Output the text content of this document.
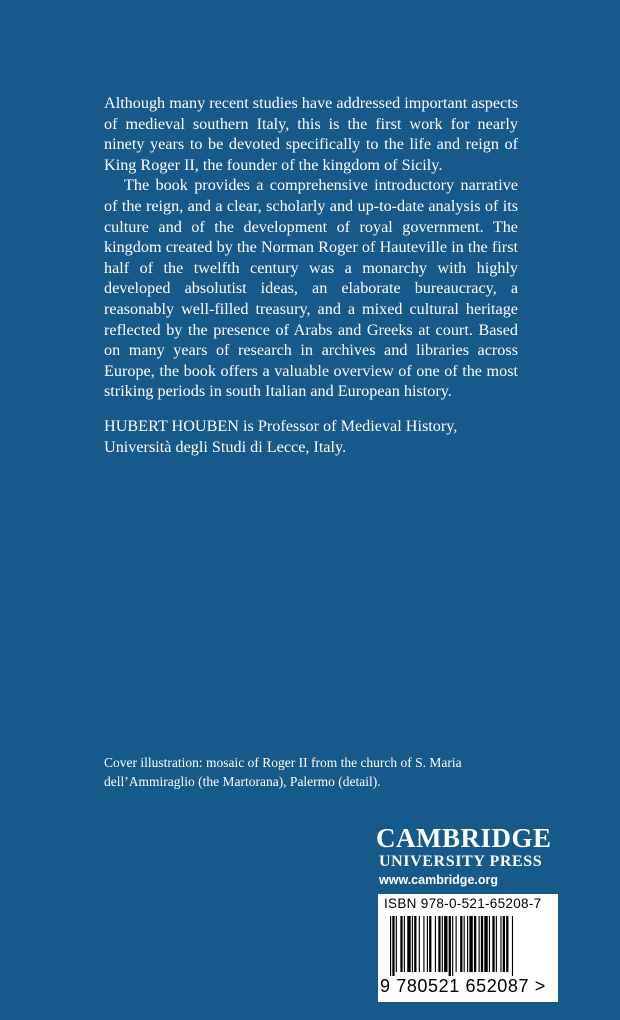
Although many recent studies have addressed important aspects of medieval southern Italy, this is the first work for nearly ninety years to be devoted specifically to the life and reign of King Roger II, the founder of the kingdom of Sicily.

The book provides a comprehensive introductory narrative of the reign, and a clear, scholarly and up-to-date analysis of its culture and of the development of royal government. The kingdom created by the Norman Roger of Hauteville in the first half of the twelfth century was a monarchy with highly developed absolutist ideas, an elaborate bureaucracy, a reasonably well-filled treasury, and a mixed cultural heritage reflected by the presence of Arabs and Greeks at court. Based on many years of research in archives and libraries across Europe, the book offers a valuable overview of one of the most striking periods in south Italian and European history.

HUBERT HOUBEN is Professor of Medieval History, Università degli Studi di Lecce, Italy.

Cover illustration: mosaic of Roger II from the church of S. Maria dell’Ammiraglio (the Martorana), Palermo (detail).
CAMBRIDGE
UNIVERSITY PRESS
www.cambridge.org
ISBN 978-0-521-65208-7
9 780521 652087 >
